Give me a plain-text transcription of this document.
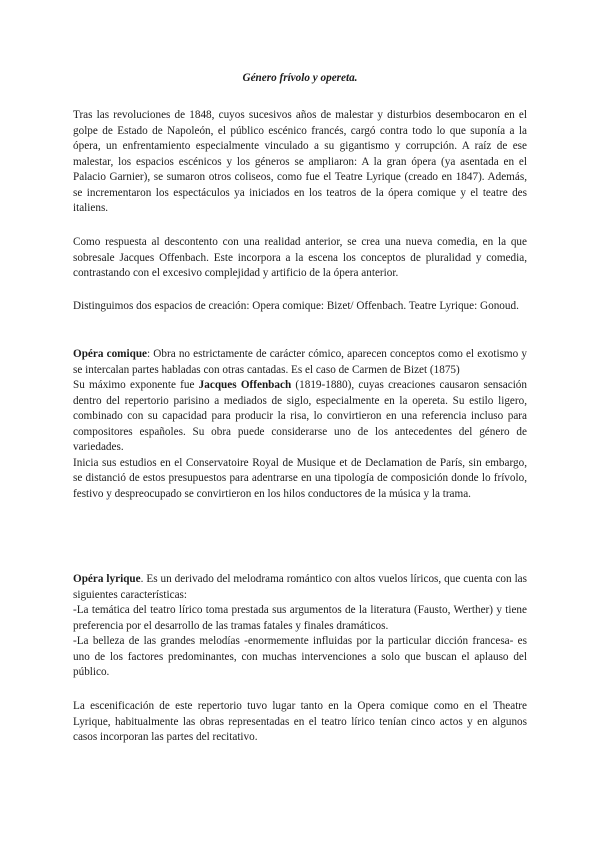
Género frívolo y opereta.

Tras las revoluciones de 1848, cuyos sucesivos años de malestar y disturbios desembocaron en el golpe de Estado de Napoleón, el público escénico francés, cargó contra todo lo que suponía a la ópera, un enfrentamiento especialmente vinculado a su gigantismo y corrupción. A raíz de ese malestar, los espacios escénicos y los géneros se ampliaron: A la gran ópera (ya asentada en el Palacio Garnier), se sumaron otros coliseos, como fue el Teatre Lyrique (creado en 1847). Además, se incrementaron los espectáculos ya iniciados en los teatros de la ópera comique y el teatre des italiens.

Como respuesta al descontento con una realidad anterior, se crea una nueva comedia, en la que sobresale Jacques Offenbach. Este incorpora a la escena los conceptos de pluralidad y comedia, contrastando con el excesivo complejidad y artificio de la ópera anterior.

Distinguimos dos espacios de creación: Opera comique: Bizet/ Offenbach. Teatre Lyrique: Gonoud.

Opéra comique: Obra no estrictamente de carácter cómico, aparecen conceptos como el exotismo y se intercalan partes habladas con otras cantadas. Es el caso de Carmen de Bizet (1875)
Su máximo exponente fue Jacques Offenbach (1819-1880), cuyas creaciones causaron sensación dentro del repertorio parisino a mediados de siglo, especialmente en la opereta. Su estilo ligero, combinado con su capacidad para producir la risa, lo convirtieron en una referencia incluso para compositores españoles. Su obra puede considerarse uno de los antecedentes del género de variedades.
Inicia sus estudios en el Conservatoire Royal de Musique et de Declamation de París, sin embargo, se distanció de estos presupuestos para adentrarse en una tipología de composición donde lo frívolo, festivo y despreocupado se convirtieron en los hilos conductores de la música y la trama.
Opéra lyrique. Es un derivado del melodrama romántico con altos vuelos líricos, que cuenta con las siguientes características:
-La temática del teatro lírico toma prestada sus argumentos de la literatura (Fausto, Werther) y tiene preferencia por el desarrollo de las tramas fatales y finales dramáticos.
-La belleza de las grandes melodías -enormemente influidas por la particular dicción francesa- es uno de los factores predominantes, con muchas intervenciones a solo que buscan el aplauso del público.

La escenificación de este repertorio tuvo lugar tanto en la Opera comique como en el Theatre Lyrique, habitualmente las obras representadas en el teatro lírico tenían cinco actos y en algunos casos incorporan las partes del recitativo.
